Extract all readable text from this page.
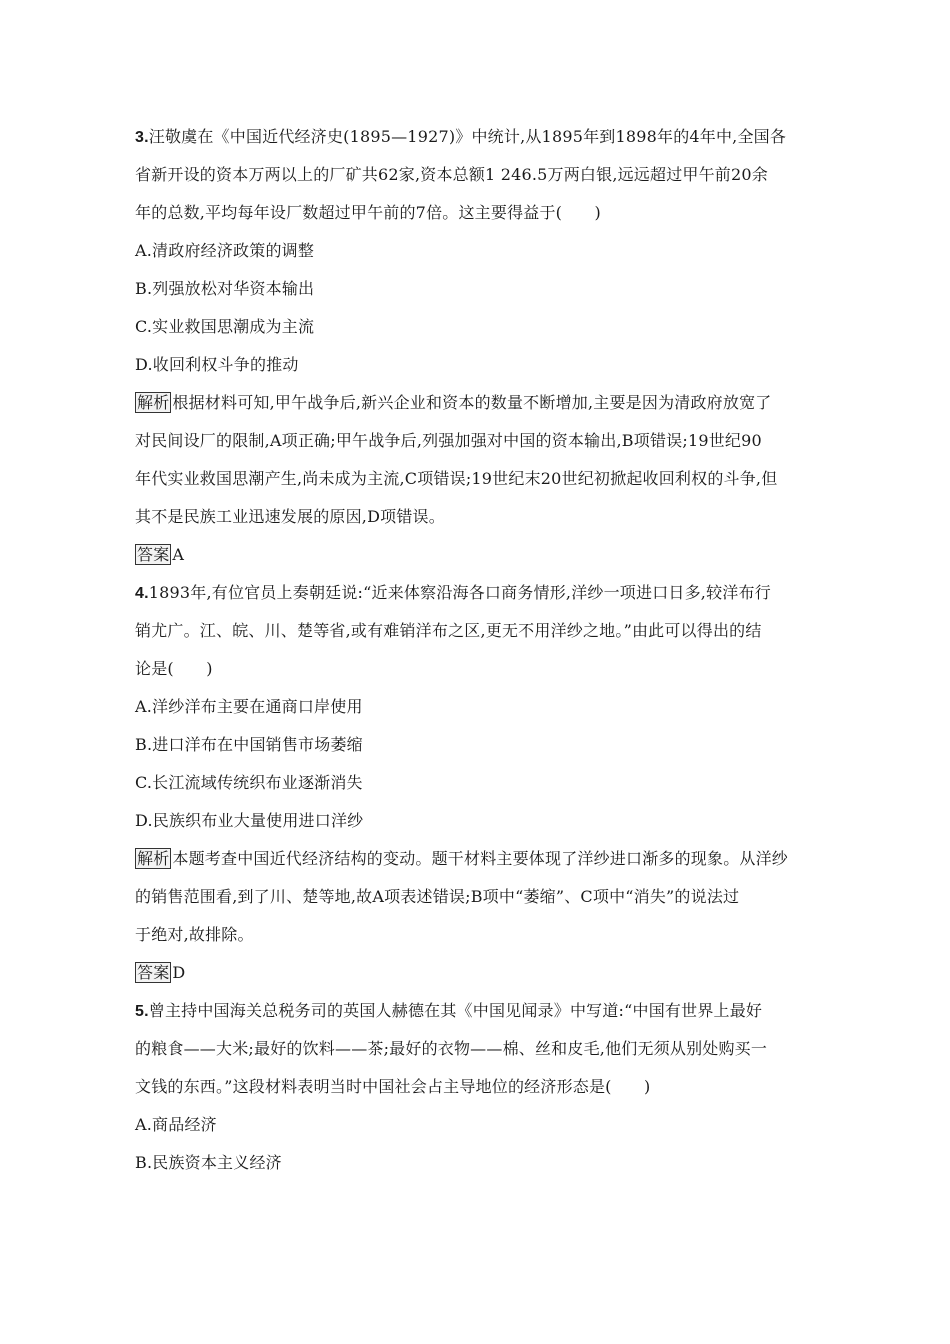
3.汪敬虞在《中国近代经济史(1895—1927)》中统计,从1895年到1898年的4年中,全国各
省新开设的资本万两以上的厂矿共62家,资本总额1 246.5万两白银,远远超过甲午前20余
年的总数,平均每年设厂数超过甲午前的7倍。这主要得益于(　　)
A.清政府经济政策的调整
B.列强放松对华资本输出
C.实业救国思潮成为主流
D.收回利权斗争的推动
解析 根据材料可知,甲午战争后,新兴企业和资本的数量不断增加,主要是因为清政府放宽了
对民间设厂的限制,A项正确;甲午战争后,列强加强对中国的资本输出,B项错误;19世纪90
年代实业救国思潮产生,尚未成为主流,C项错误;19世纪末20世纪初掀起收回利权的斗争,但
其不是民族工业迅速发展的原因,D项错误。
答案 A
4.1893年,有位官员上奏朝廷说:“近来体察沿海各口商务情形,洋纱一项进口日多,较洋布行
销尤广。江、皖、川、楚等省,或有难销洋布之区,更无不用洋纱之地。”由此可以得出的结
论是(　　)
A.洋纱洋布主要在通商口岸使用
B.进口洋布在中国销售市场萎缩
C.长江流域传统织布业逐渐消失
D.民族织布业大量使用进口洋纱
解析 本题考查中国近代经济结构的变动。题干材料主要体现了洋纱进口渐多的现象。从洋纱
的销售范围看,到了川、楚等地,故A项表述错误;B项中“萎缩”、C项中“消失”的说法过
于绝对,故排除。
答案 D
5.曾主持中国海关总税务司的英国人赫德在其《中国见闻录》中写道:“中国有世界上最好
的粮食——大米;最好的饮料——茶;最好的衣物——棉、丝和皮毛,他们无须从别处购买一
文钱的东西。”这段材料表明当时中国社会占主导地位的经济形态是(　　)
A.商品经济
B.民族资本主义经济
